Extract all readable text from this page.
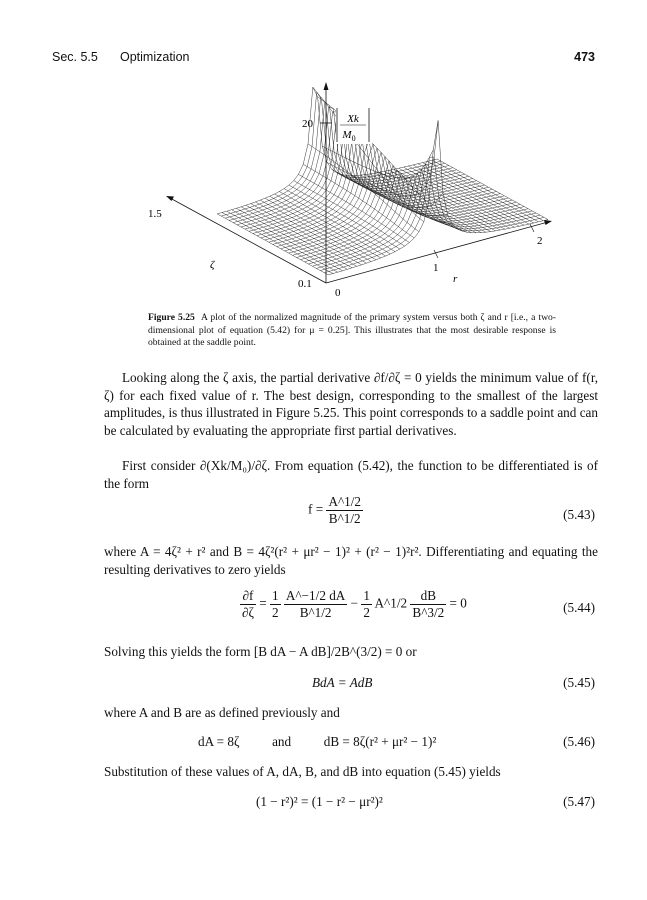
Sec. 5.5 Optimization	473
Xk
$M_0$
20
1.5
ζ
0.1
0
1
2
r
Figure 5.25 A plot of the normalized magnitude of the primary system versus both ζ and r [i.e., a two-dimensional plot of equation (5.42) for μ = 0.25]. This illustrates that the most desirable response is obtained at the saddle point.
Looking along the ζ axis, the partial derivative ∂f/∂ζ = 0 yields the minimum value of f(r, ζ) for each fixed value of r. The best design, corresponding to the smallest of the largest amplitudes, is thus illustrated in Figure 5.25. This point corresponds to a saddle point and can be calculated by evaluating the appropriate first partial derivatives.
First consider ∂(Xk/M₀)/∂ζ. From equation (5.42), the function to be differentiated is of the form
$f = \frac{A\^{}1/2}{B\^{}1/2}$	(5.43)
where A = 4ζ² + r² and B = 4ζ²(r² + μr² − 1)² + (r² − 1)²r². Differentiating and equating the resulting derivatives to zero yields
$\frac{\partial f}{\partial\zeta} = \frac{1}{2}$
$\frac{A\^{}-1/2 dA}{B\^{}1/2} - \frac{1}{2}$ A^1/2 $\frac{dB}{B\^{}3/2} = 0$	(5.44)
Solving this yields the form [B dA − A dB]/2B^(3/2) = 0 or
BdA = AdB	(5.45)
where A and B are as defined previously and
dA = 8ζ and dB = 8ζ(r² + μr² − 1)²	(5.46)
Substitution of these values of A, dA, B, and dB into equation (5.45) yields
(1 − r²)² = (1 − r² − μr²)²	(5.47)
